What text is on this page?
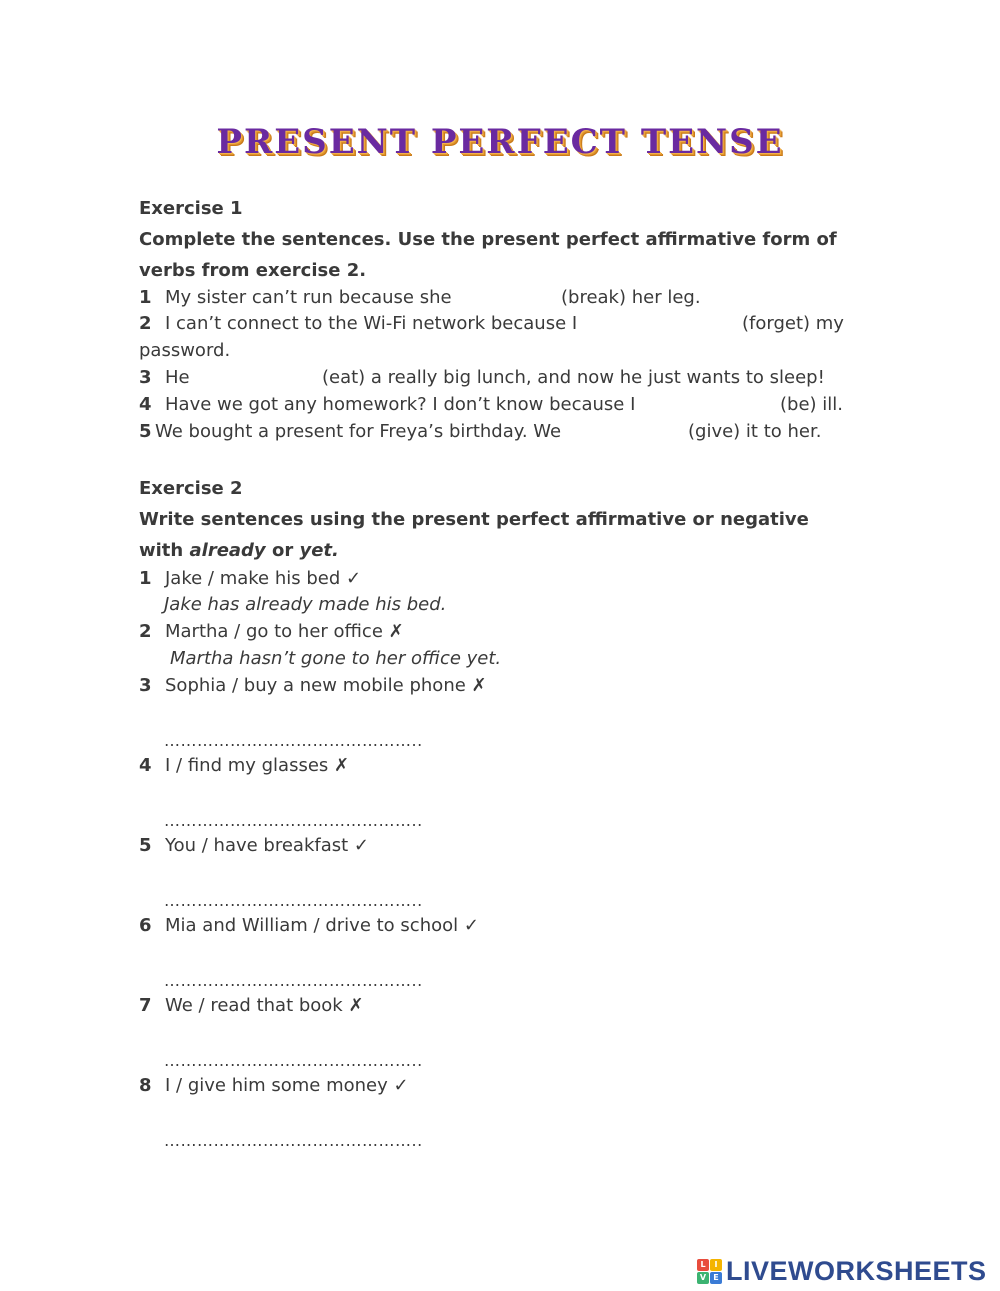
PRESENT PERFECT TENSE
Exercise 1
Complete the sentences. Use the present perfect affirmative form of
verbs from exercise 2.
1 My sister can’t run because she	(break) her leg.
2 I can’t connect to the Wi-Fi network because I	(forget) my
password.
3 He	(eat) a really big lunch, and now he just wants to sleep!
4 Have we got any homework? I don’t know because I	(be) ill.
5 We bought a present for Freya’s birthday. We	(give) it to her.
Exercise 2
Write sentences using the present perfect affirmative or negative
with already or yet.
1 Jake / make his bed ✓
Jake has already made his bed.
2 Martha / go to her office ✗
Martha hasn’t gone to her office yet.
3 Sophia / buy a new mobile phone ✗
………………………………………..
4 I / find my glasses ✗
………………………………………..
5 You / have breakfast ✓
………………………………………..
6 Mia and William / drive to school ✓
………………………………………..
7 We / read that book ✗
………………………………………..
8 I / give him some money ✓
………………………………………..
L	I
V E LIVEWORKSHEETS
